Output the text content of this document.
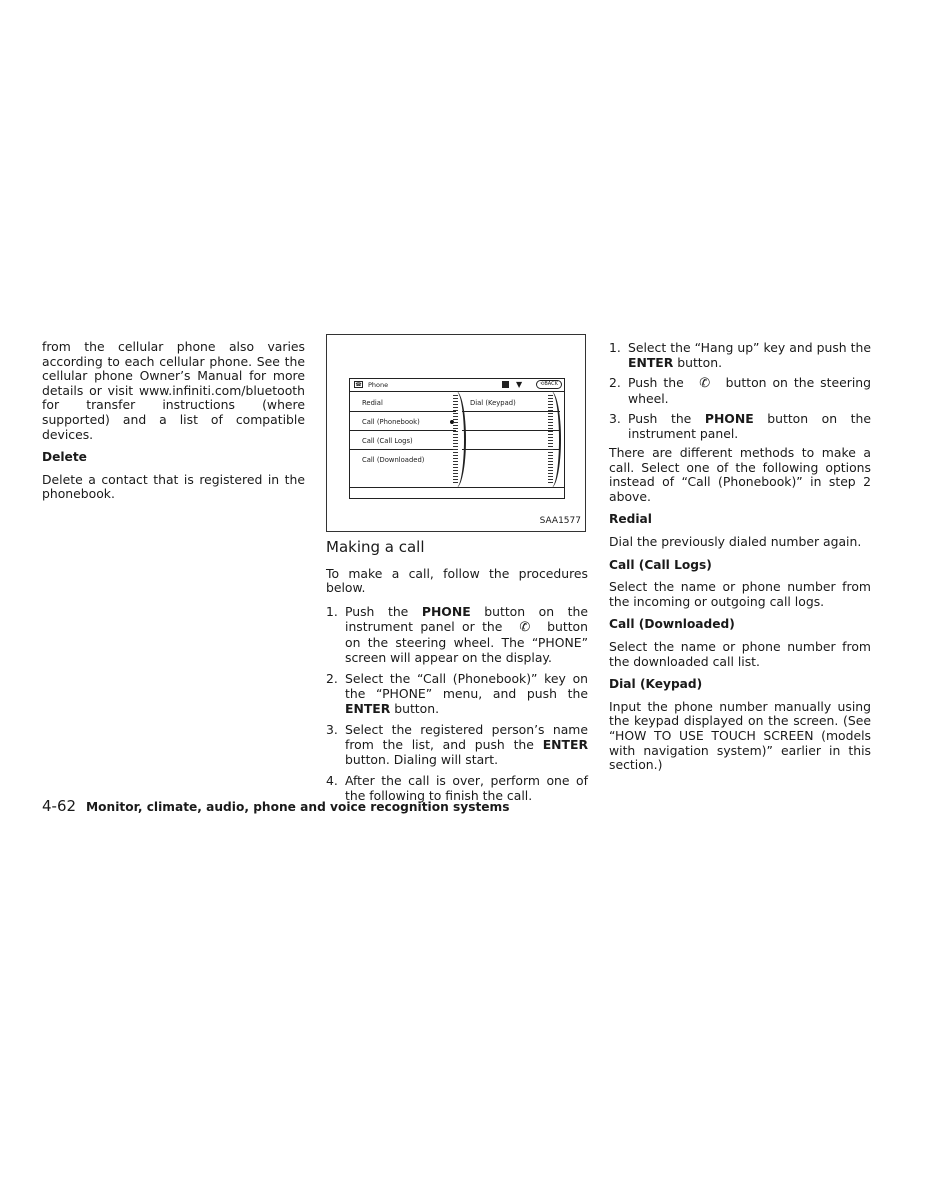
from the cellular phone also varies according to each cellular phone. See the cellular phone Owner’s Manual for more details or visit www.infiniti.com/bluetooth for transfer instructions (where supported) and a list of compatible devices.

Delete

Delete a contact that is registered in the phonebook.

☎ Phone	▼	⟲BACK
Redial
Call (Phonebook)
Call (Call Logs)
Call (Downloaded)
Dial (Keypad)
SAA1577
Making a call

To make a call, follow the procedures below.

1. Push the PHONE button on the instrument panel or the ✆ button on the steering wheel. The “PHONE” screen will appear on the display.
2. Select the “Call (Phonebook)” key on the “PHONE” menu, and push the ENTER button.
3. Select the registered person’s name from the list, and push the ENTER button. Dialing will start.
4. After the call is over, perform one of the following to finish the call.
1. Select the “Hang up” key and push the ENTER button.
2. Push the ✆ button on the steering wheel.
3. Push the PHONE button on the instrument panel.

There are different methods to make a call. Select one of the following options instead of “Call (Phonebook)” in step 2 above.

Redial

Dial the previously dialed number again.

Call (Call Logs)

Select the name or phone number from the incoming or outgoing call logs.

Call (Downloaded)

Select the name or phone number from the downloaded call list.

Dial (Keypad)

Input the phone number manually using the keypad displayed on the screen. (See “HOW TO USE TOUCH SCREEN (models with navigation system)” earlier in this section.)

4-62 Monitor, climate, audio, phone and voice recognition systems
